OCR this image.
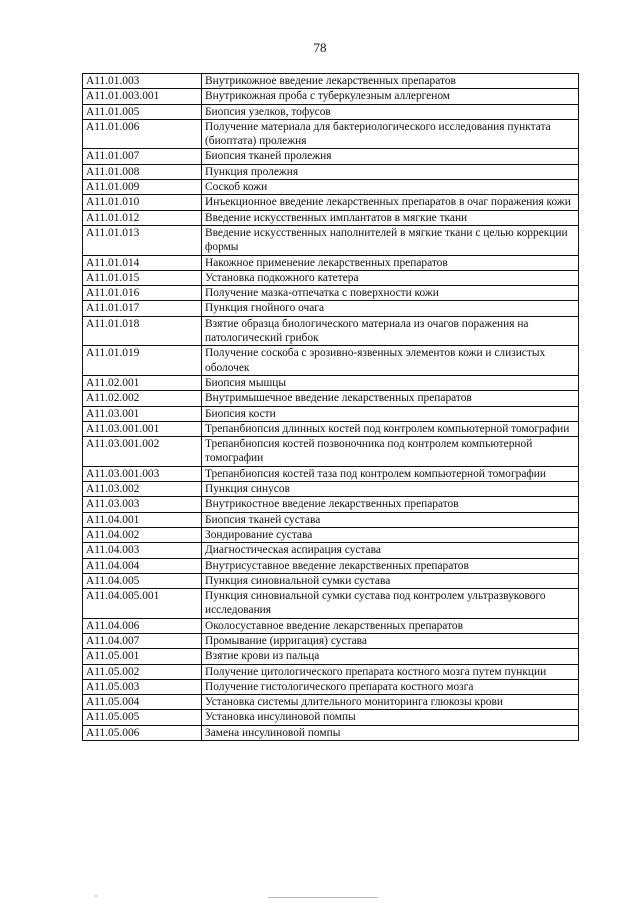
78
A11.01.003	Внутрикожное введение лекарственных препаратов
A11.01.003.001	Внутрикожная проба с туберкулезным аллергеном
A11.01.005	Биопсия узелков, тофусов
A11.01.006	Получение материала для бактериологического исследования пунктата (биоптата) пролежня
A11.01.007	Биопсия тканей пролежня
A11.01.008	Пункция пролежня
A11.01.009	Соскоб кожи
A11.01.010	Инъекционное введение лекарственных препаратов в очаг поражения кожи
A11.01.012	Введение искусственных имплантатов в мягкие ткани
A11.01.013	Введение искусственных наполнителей в мягкие ткани с целью коррекции формы
A11.01.014	Накожное применение лекарственных препаратов
A11.01.015	Установка подкожного катетера
A11.01.016	Получение мазка-отпечатка с поверхности кожи
A11.01.017	Пункция гнойного очага
A11.01.018	Взятие образца биологического материала из очагов поражения на патологический грибок
A11.01.019	Получение соскоба с эрозивно-язвенных элементов кожи и слизистых оболочек
A11.02.001	Биопсия мышцы
A11.02.002	Внутримышечное введение лекарственных препаратов
A11.03.001	Биопсия кости
A11.03.001.001	Трепанбиопсия длинных костей под контролем компьютерной томографии
A11.03.001.002	Трепанбиопсия костей позвоночника под контролем компьютерной томографии
A11.03.001.003	Трепанбиопсия костей таза под контролем компьютерной томографии
A11.03.002	Пункция синусов
A11.03.003	Внутрикостное введение лекарственных препаратов
A11.04.001	Биопсия тканей сустава
A11.04.002	Зондирование сустава
A11.04.003	Диагностическая аспирация сустава
A11.04.004	Внутрисуставное введение лекарственных препаратов
A11.04.005	Пункция синовиальной сумки сустава
A11.04.005.001	Пункция синовиальной сумки сустава под контролем ультразвукового исследования
A11.04.006	Околосуставное введение лекарственных препаратов
A11.04.007	Промывание (ирригация) сустава
A11.05.001	Взятие крови из пальца
A11.05.002	Получение цитологического препарата костного мозга путем пункции
A11.05.003	Получение гистологического препарата костного мозга
A11.05.004	Установка системы длительного мониторинга глюкозы крови
A11.05.005	Установка инсулиновой помпы
A11.05.006	Замена инсулиновой помпы
